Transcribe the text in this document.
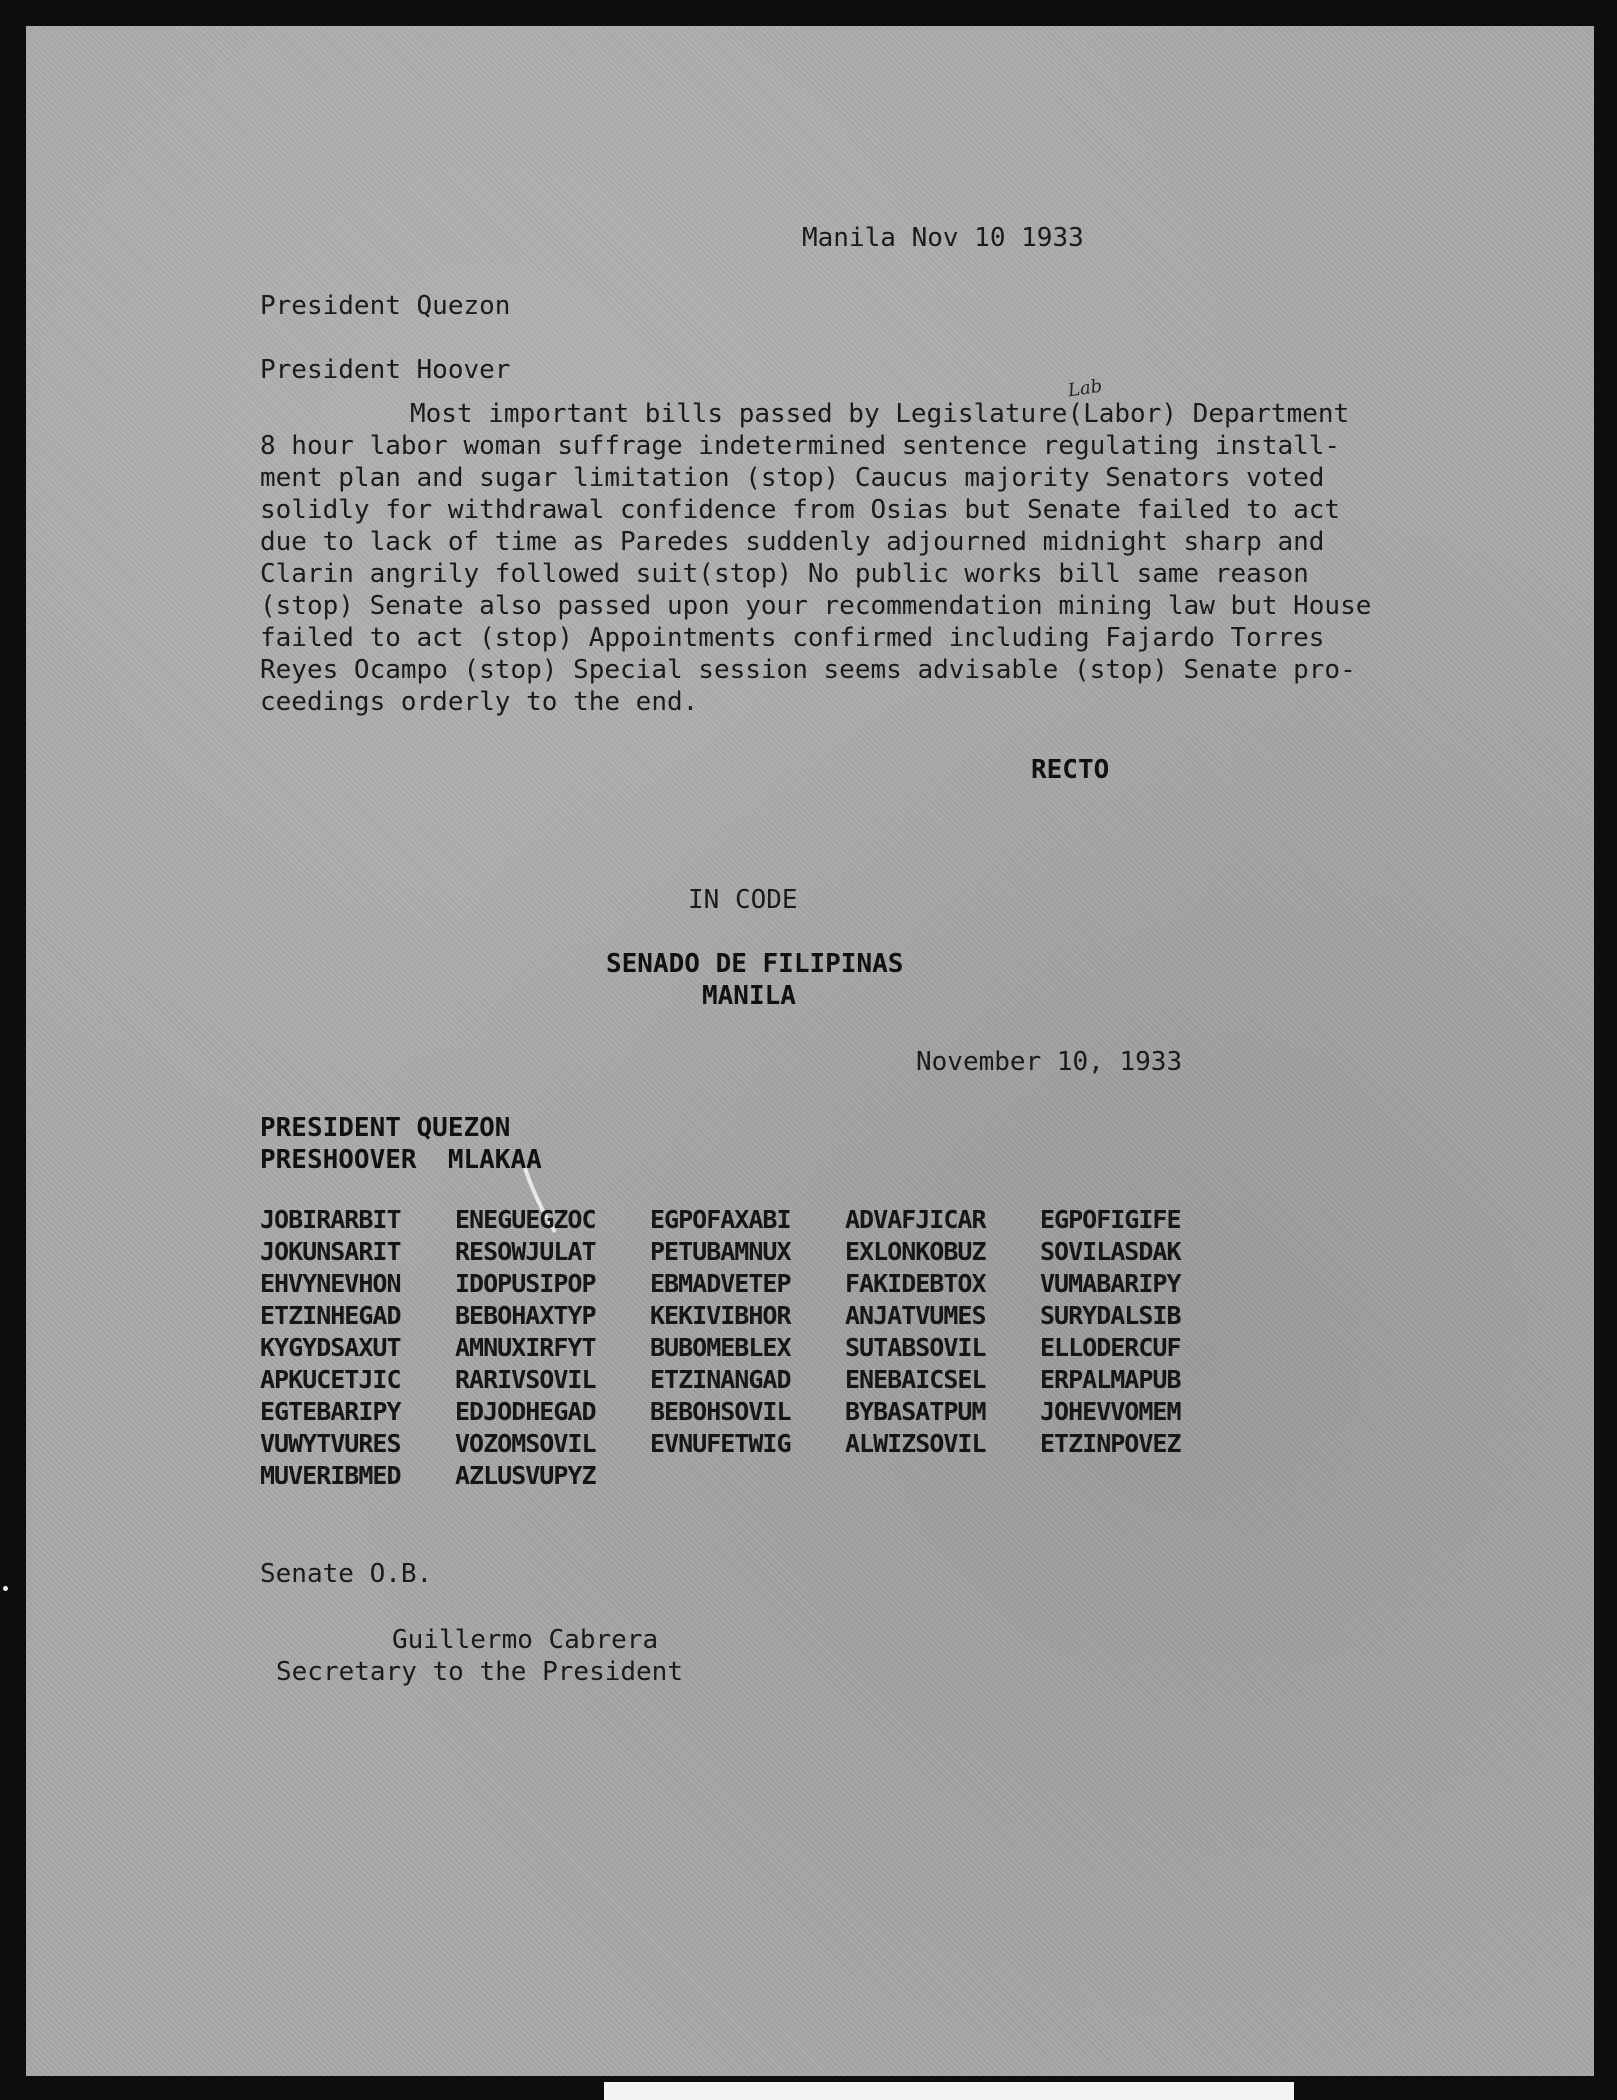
Manila Nov 10 1933
President Quezon
President Hoover
Lab
Most important bills passed by Legislature(Labor) Department
8 hour labor woman suffrage indetermined sentence regulating install-
ment plan and sugar limitation (stop) Caucus majority Senators voted
solidly for withdrawal confidence from Osias but Senate failed to act
due to lack of time as Paredes suddenly adjourned midnight sharp and
Clarin angrily followed suit(stop) No public works bill same reason
(stop) Senate also passed upon your recommendation mining law but House
failed to act (stop) Appointments confirmed including Fajardo Torres
Reyes Ocampo (stop) Special session seems advisable (stop) Senate pro-
ceedings orderly to the end.
RECTO
IN CODE
SENADO DE FILIPINAS
MANILA
November 10, 1933
PRESIDENT QUEZON
PRESHOOVER  MLAKAA
JOBIRARBIT	ENEGUEGZOC	EGPOFAXABI	ADVAFJICAR	EGPOFIGIFE
JOKUNSARIT	RESOWJULAT	PETUBAMNUX	EXLONKOBUZ	SOVILASDAK
EHVYNEVHON	IDOPUSIPOP	EBMADVETEP	FAKIDEBTOX	VUMABARIPY
ETZINHEGAD	BEBOHAXTYP	KEKIVIBHOR	ANJATVUMES	SURYDALSIB
KYGYDSAXUT	AMNUXIRFYT	BUBOMEBLEX	SUTABSOVIL	ELLODERCUF
APKUCETJIC	RARIVSOVIL	ETZINANGAD	ENEBAICSEL	ERPALMAPUB
EGTEBARIPY	EDJODHEGAD	BEBOHSOVIL	BYBASATPUM	JOHEVVOMEM
VUWYTVURES	VOZOMSOVIL	EVNUFETWIG	ALWIZSOVIL	ETZINPOVEZ
MUVERIBMED	AZLUSVUPYZ
Senate O.B.
Guillermo Cabrera
Secretary to the President
